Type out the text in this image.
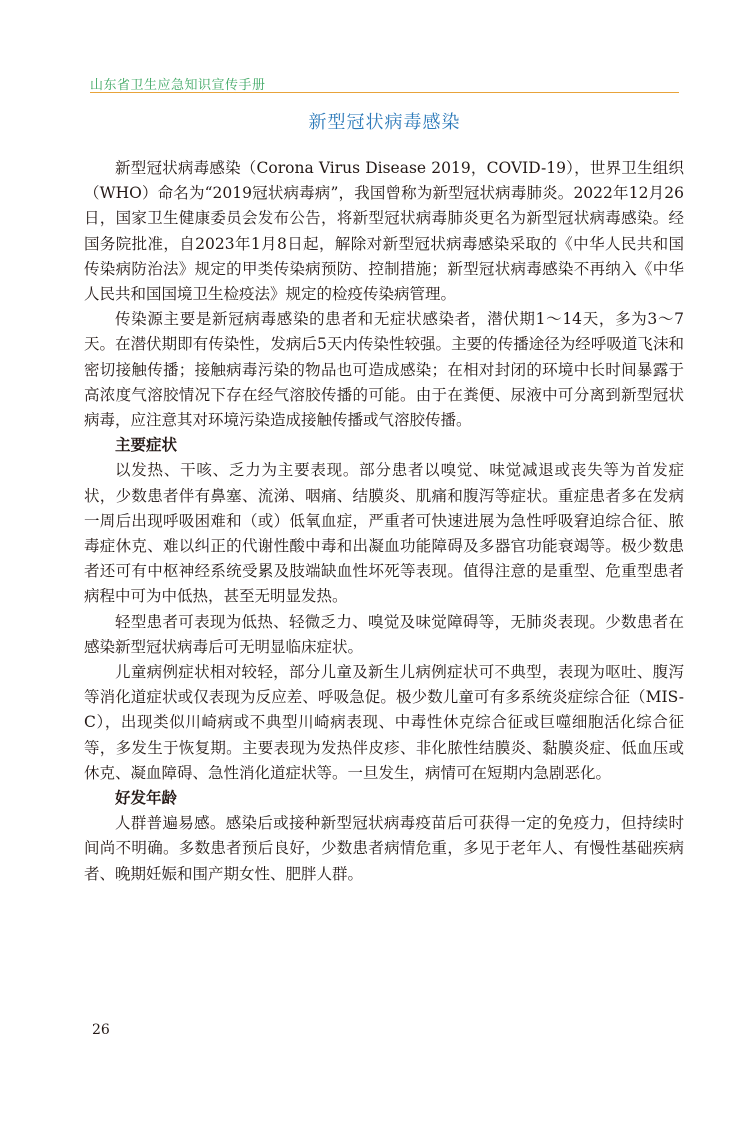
山东省卫生应急知识宣传手册
新型冠状病毒感染

新型冠状病毒感染（Corona Virus Disease 2019，COVID-19），世界卫生组织（WHO）命名为“2019冠状病毒病”，我国曾称为新型冠状病毒肺炎。2022年12月26日，国家卫生健康委员会发布公告，将新型冠状病毒肺炎更名为新型冠状病毒感染。经国务院批准，自2023年1月8日起，解除对新型冠状病毒感染采取的《中华人民共和国传染病防治法》规定的甲类传染病预防、控制措施；新型冠状病毒感染不再纳入《中华人民共和国国境卫生检疫法》规定的检疫传染病管理。

传染源主要是新冠病毒感染的患者和无症状感染者，潜伏期1～14天，多为3～7天。在潜伏期即有传染性，发病后5天内传染性较强。主要的传播途径为经呼吸道飞沫和密切接触传播；接触病毒污染的物品也可造成感染；在相对封闭的环境中长时间暴露于高浓度气溶胶情况下存在经气溶胶传播的可能。由于在粪便、尿液中可分离到新型冠状病毒，应注意其对环境污染造成接触传播或气溶胶传播。

主要症状

以发热、干咳、乏力为主要表现。部分患者以嗅觉、味觉减退或丧失等为首发症状，少数患者伴有鼻塞、流涕、咽痛、结膜炎、肌痛和腹泻等症状。重症患者多在发病一周后出现呼吸困难和（或）低氧血症，严重者可快速进展为急性呼吸窘迫综合征、脓毒症休克、难以纠正的代谢性酸中毒和出凝血功能障碍及多器官功能衰竭等。极少数患者还可有中枢神经系统受累及肢端缺血性坏死等表现。值得注意的是重型、危重型患者病程中可为中低热，甚至无明显发热。

轻型患者可表现为低热、轻微乏力、嗅觉及味觉障碍等，无肺炎表现。少数患者在感染新型冠状病毒后可无明显临床症状。

儿童病例症状相对较轻，部分儿童及新生儿病例症状可不典型，表现为呕吐、腹泻等消化道症状或仅表现为反应差、呼吸急促。极少数儿童可有多系统炎症综合征（MIS-C），出现类似川崎病或不典型川崎病表现、中毒性休克综合征或巨噬细胞活化综合征等，多发生于恢复期。主要表现为发热伴皮疹、非化脓性结膜炎、黏膜炎症、低血压或休克、凝血障碍、急性消化道症状等。一旦发生，病情可在短期内急剧恶化。

好发年龄

人群普遍易感。感染后或接种新型冠状病毒疫苗后可获得一定的免疫力，但持续时间尚不明确。多数患者预后良好，少数患者病情危重，多见于老年人、有慢性基础疾病者、晚期妊娠和围产期女性、肥胖人群。

26
